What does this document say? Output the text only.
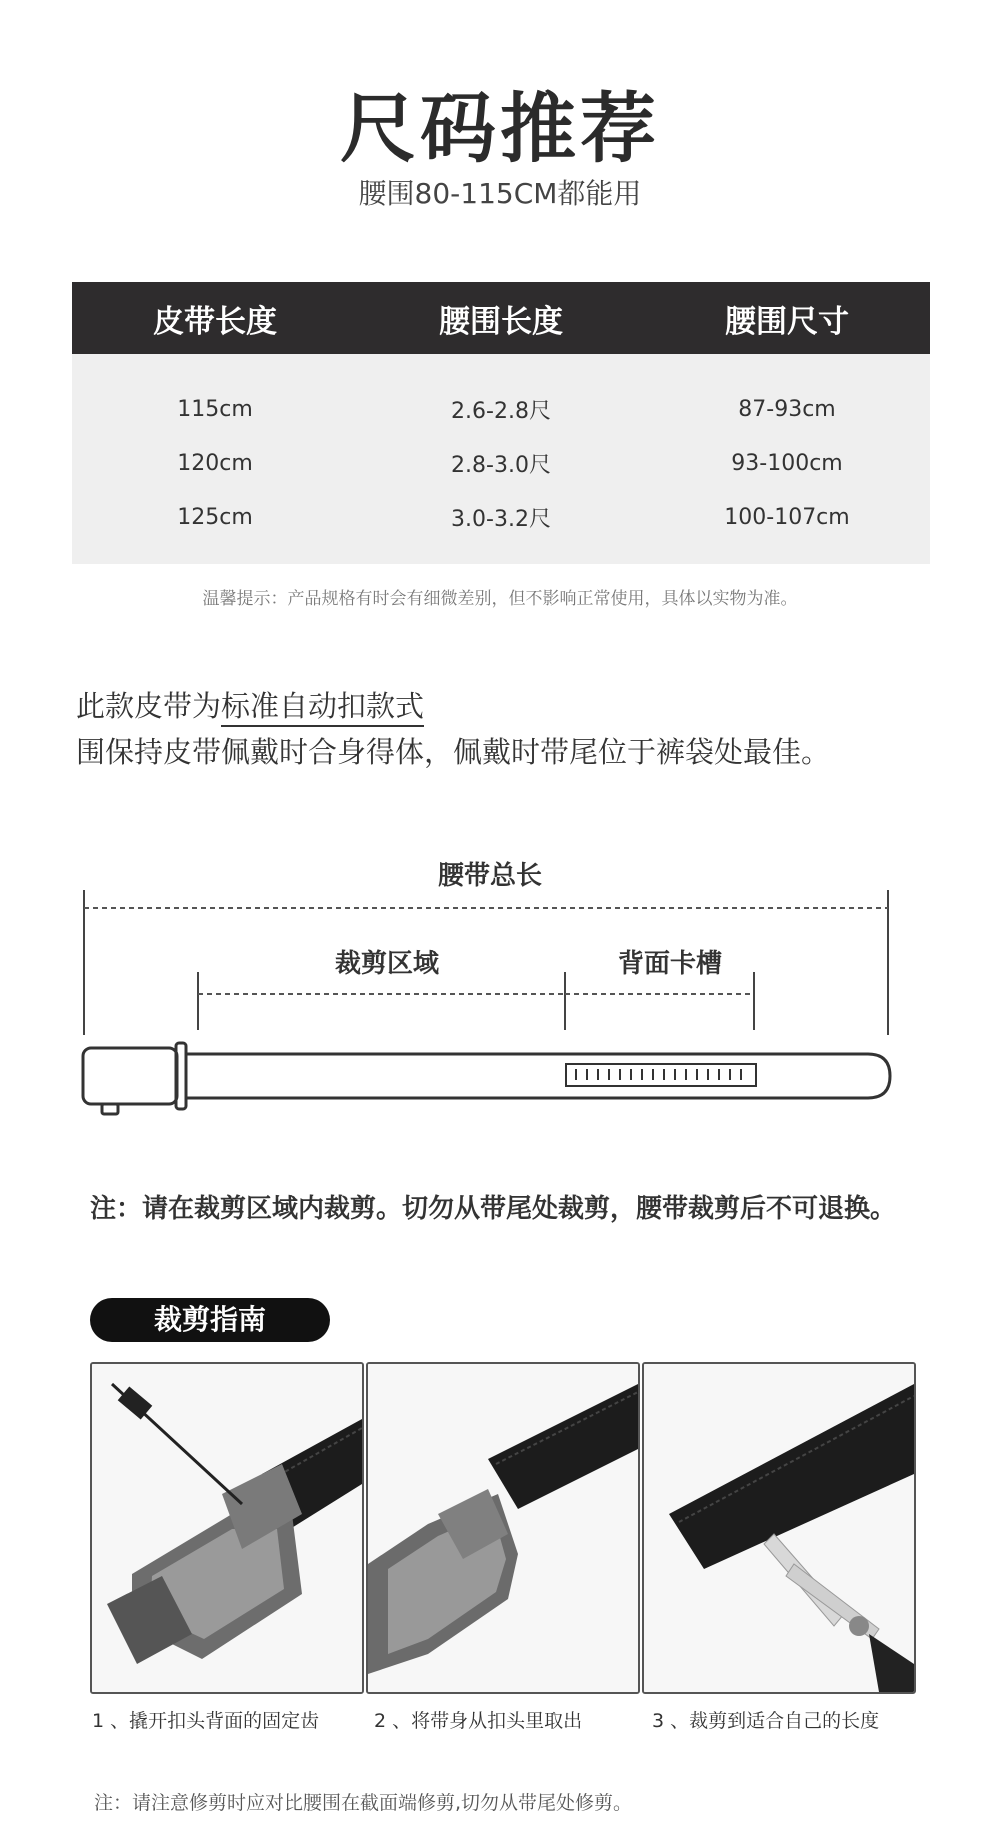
尺码推荐
腰围80-115CM都能用
皮带长度	腰围长度	腰围尺寸
115cm	2.6-2.8尺	87-93cm
120cm	2.8-3.0尺	93-100cm
125cm	3.0-3.2尺	100-107cm
温馨提示：产品规格有时会有细微差别，但不影响正常使用，具体以实物为准。
此款皮带为标准自动扣款式
围保持皮带佩戴时合身得体，佩戴时带尾位于裤袋处最佳。
腰带总长
裁剪区域	背面卡槽
注：请在裁剪区域内裁剪。切勿从带尾处裁剪，腰带裁剪后不可退换。
裁剪指南
1 、撬开扣头背面的固定齿	2 、将带身从扣头里取出	3 、裁剪到适合自己的长度
注：请注意修剪时应对比腰围在截面端修剪,切勿从带尾处修剪。
